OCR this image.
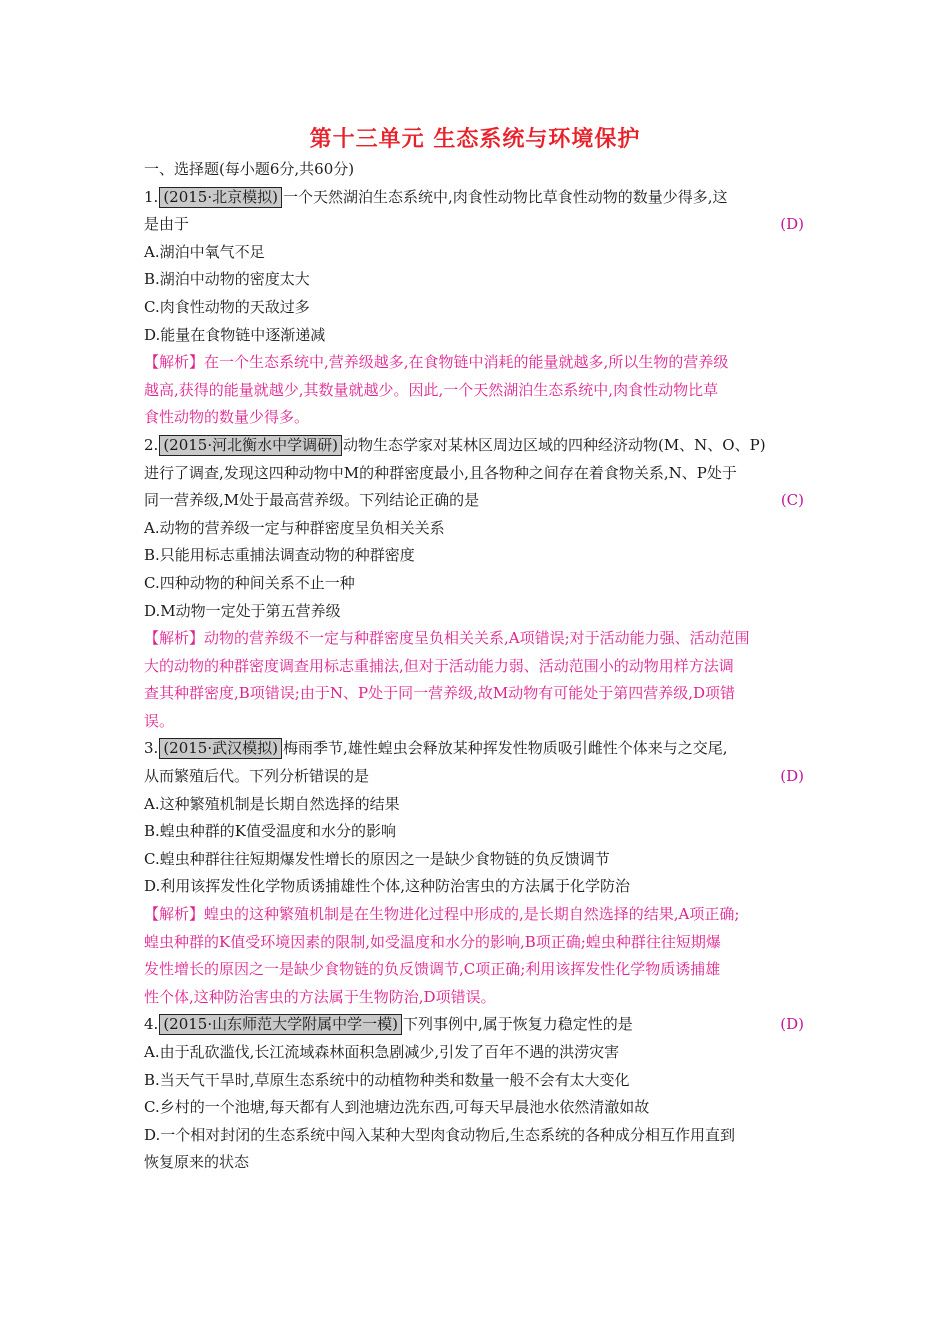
第十三单元 生态系统与环境保护
一、选择题(每小题6分,共60分)
1. (2015·北京模拟) 一个天然湖泊生态系统中,肉食性动物比草食性动物的数量少得多,这
是由于	(D)
A.湖泊中氧气不足
B.湖泊中动物的密度太大
C.肉食性动物的天敌过多
D.能量在食物链中逐渐递减
【解析】在一个生态系统中,营养级越多,在食物链中消耗的能量就越多,所以生物的营养级
越高,获得的能量就越少,其数量就越少。因此,一个天然湖泊生态系统中,肉食性动物比草
食性动物的数量少得多。
2. (2015·河北衡水中学调研) 动物生态学家对某林区周边区域的四种经济动物(M、N、O、P)
进行了调查,发现这四种动物中M的种群密度最小,且各物种之间存在着食物关系,N、P处于
同一营养级,M处于最高营养级。下列结论正确的是	(C)
A.动物的营养级一定与种群密度呈负相关关系
B.只能用标志重捕法调查动物的种群密度
C.四种动物的种间关系不止一种
D.M动物一定处于第五营养级
【解析】动物的营养级不一定与种群密度呈负相关关系,A项错误;对于活动能力强、活动范围
大的动物的种群密度调查用标志重捕法,但对于活动能力弱、活动范围小的动物用样方法调
查其种群密度,B项错误;由于N、P处于同一营养级,故M动物有可能处于第四营养级,D项错
误。
3. (2015·武汉模拟) 梅雨季节,雄性蝗虫会释放某种挥发性物质吸引雌性个体来与之交尾,
从而繁殖后代。下列分析错误的是	(D)
A.这种繁殖机制是长期自然选择的结果
B.蝗虫种群的K值受温度和水分的影响
C.蝗虫种群往往短期爆发性增长的原因之一是缺少食物链的负反馈调节
D.利用该挥发性化学物质诱捕雄性个体,这种防治害虫的方法属于化学防治
【解析】蝗虫的这种繁殖机制是在生物进化过程中形成的,是长期自然选择的结果,A项正确;
蝗虫种群的K值受环境因素的限制,如受温度和水分的影响,B项正确;蝗虫种群往往短期爆
发性增长的原因之一是缺少食物链的负反馈调节,C项正确;利用该挥发性化学物质诱捕雄
性个体,这种防治害虫的方法属于生物防治,D项错误。
4. (2015·山东师范大学附属中学一模) 下列事例中,属于恢复力稳定性的是	(D)
A.由于乱砍滥伐,长江流域森林面积急剧减少,引发了百年不遇的洪涝灾害
B.当天气干旱时,草原生态系统中的动植物种类和数量一般不会有太大变化
C.乡村的一个池塘,每天都有人到池塘边洗东西,可每天早晨池水依然清澈如故
D.一个相对封闭的生态系统中闯入某种大型肉食动物后,生态系统的各种成分相互作用直到
恢复原来的状态
